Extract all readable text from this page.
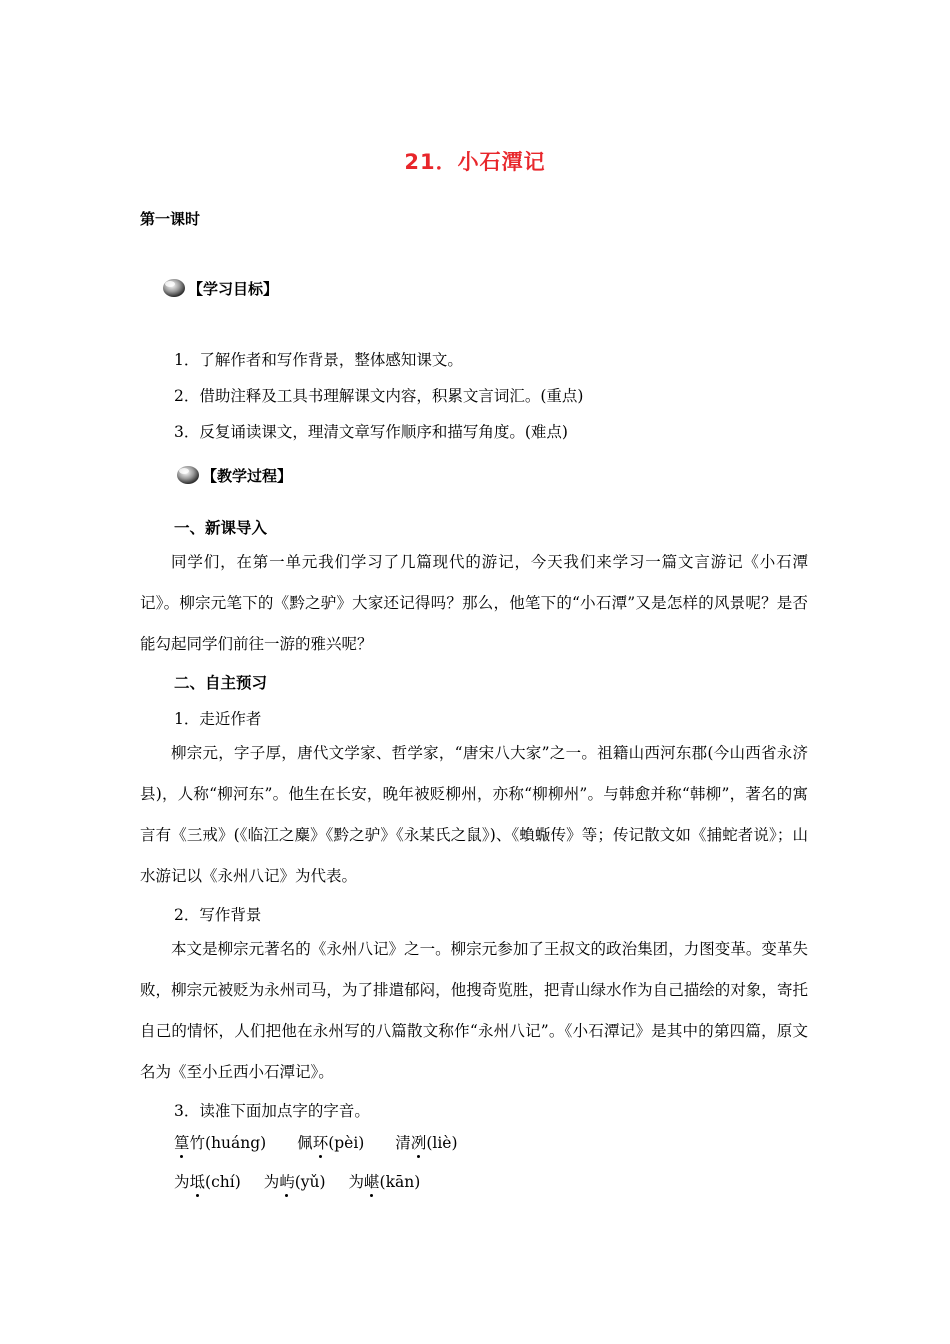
21．小石潭记
第一课时
【学习目标】
1．了解作者和写作背景，整体感知课文。
2．借助注释及工具书理解课文内容，积累文言词汇。(重点)
3．反复诵读课文，理清文章写作顺序和描写角度。(难点)
【教学过程】
一、新课导入
同学们，在第一单元我们学习了几篇现代的游记，今天我们来学习一篇文言游记《小石潭记》。柳宗元笔下的《黔之驴》大家还记得吗？那么，他笔下的“小石潭”又是怎样的风景呢？是否能勾起同学们前往一游的雅兴呢？
二、自主预习
1．走近作者
柳宗元，字子厚，唐代文学家、哲学家，“唐宋八大家”之一。祖籍山西河东郡(今山西省永济县)，人称“柳河东”。他生在长安，晚年被贬柳州，亦称“柳柳州”。与韩愈并称“韩柳”，著名的寓言有《三戒》(《临江之麋》《黔之驴》《永某氏之鼠》)、《蝜蝂传》等；传记散文如《捕蛇者说》；山水游记以《永州八记》为代表。
2．写作背景
本文是柳宗元著名的《永州八记》之一。柳宗元参加了王叔文的政治集团，力图变革。变革失败，柳宗元被贬为永州司马，为了排遣郁闷，他搜奇览胜，把青山绿水作为自己描绘的对象，寄托自己的情怀，人们把他在永州写的八篇散文称作“永州八记”。《小石潭记》是其中的第四篇，原文名为《至小丘西小石潭记》。
3．读准下面加点字的字音。
篁竹(huáng) 佩环(pèi) 清冽(liè)
为坻(chí) 为屿(yǔ) 为嵁(kān)
